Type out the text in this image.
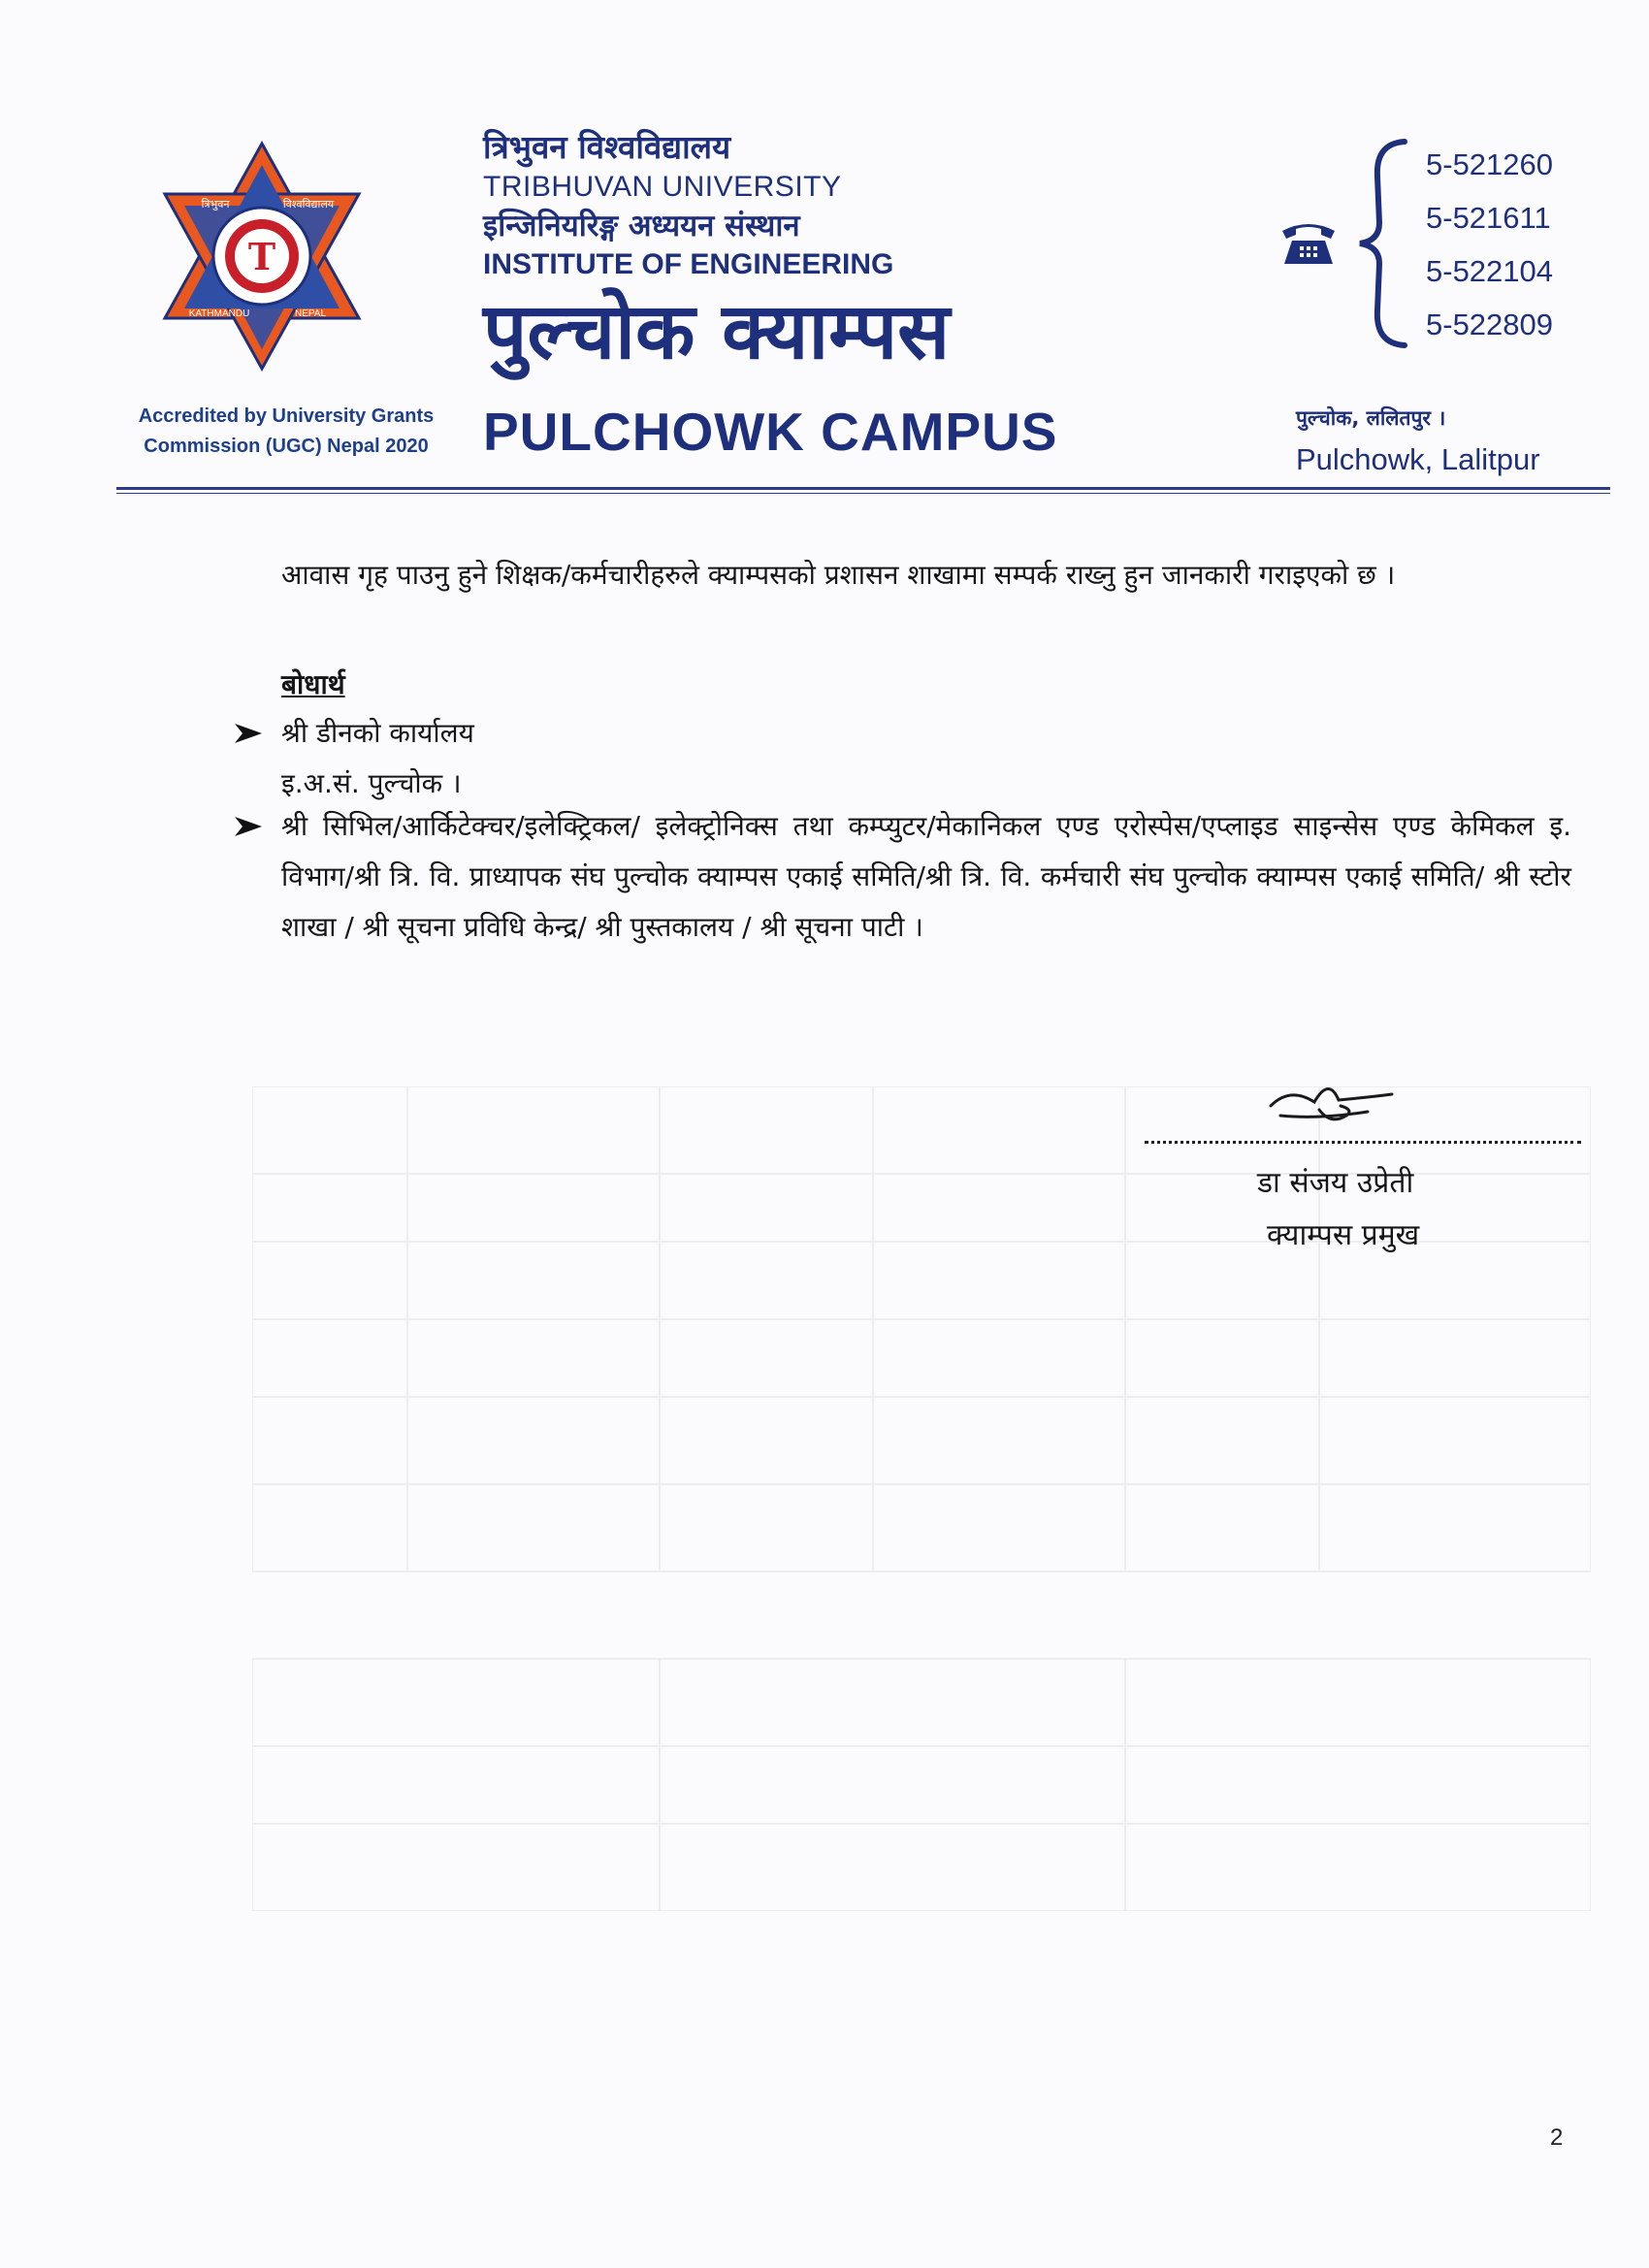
T
त्रिभुवन	विश्वविद्यालय
KATHMANDU	NEPAL
Accredited by University Grants
Commission (UGC) Nepal 2020
त्रिभुवन विश्वविद्यालय
TRIBHUVAN UNIVERSITY
इन्जिनियरिङ्ग अध्ययन संस्थान
INSTITUTE OF ENGINEERING
पुल्चोक क्याम्पस
PULCHOWK CAMPUS
5-521260
5-521611
5-522104
5-522809
पुल्चोक, ललितपुर ।
Pulchowk, Lalitpur
आवास गृह पाउनु हुने शिक्षक/कर्मचारीहरुले क्याम्पसको प्रशासन शाखामा सम्पर्क राख्नु हुन जानकारी गराइएको छ ।
बोधार्थ
श्री डीनको कार्यालय
इ.अ.सं. पुल्चोक ।
श्री सिभिल/आर्किटेक्चर/इलेक्ट्रिकल/ इलेक्ट्रोनिक्स तथा कम्प्युटर/मेकानिकल एण्ड एरोस्पेस/एप्लाइड साइन्सेस एण्ड केमिकल इ. विभाग/श्री त्रि. वि. प्राध्यापक संघ पुल्चोक क्याम्पस एकाई समिति/श्री त्रि. वि. कर्मचारी संघ पुल्चोक क्याम्पस एकाई समिति/ श्री स्टोर शाखा / श्री सूचना प्रविधि केन्द्र/ श्री पुस्तकालय / श्री सूचना पाटी ।
डा संजय उप्रेती
क्याम्पस प्रमुख
2
